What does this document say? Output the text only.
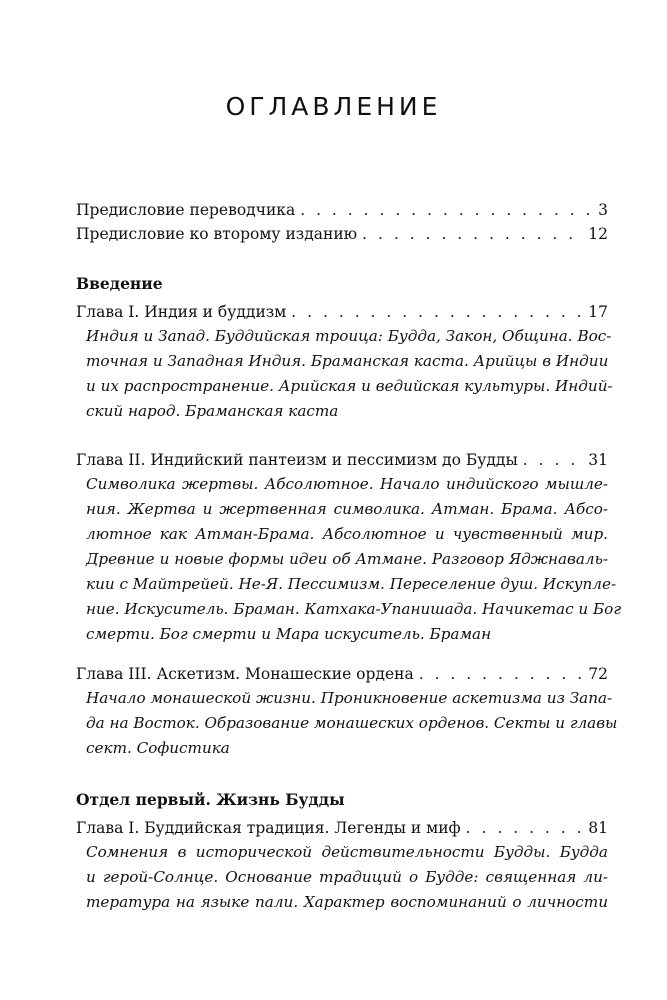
ОГЛАВЛЕНИЕ
Предисловие переводчика . . .	3
Предисловие ко второму изданию . . .	12
Введение
Глава I. Индия и буддизм . . .	17
Индия и Запад. Буддийская троица: Будда, Закон, Община. Вос-
точная и Западная Индия. Браманская каста. Арийцы в Индии
и их распространение. Арийская и ведийская культуры. Индий-
ский народ. Браманская каста
Глава II. Индийский пантеизм и пессимизм до Будды . . .	31
Символика жертвы. Абсолютное. Начало индийского мышле-
ния. Жертва и жертвенная символика. Атман. Брама. Абсо-
лютное как Атман-Брама. Абсолютное и чувственный мир.
Древние и новые формы идеи об Атмане. Разговор Яджнаваль-
кии с Майтрейей. Не-Я. Пессимизм. Переселение душ. Искупле-
ние. Искуситель. Браман. Катхака-Упанишада. Начикетас и Бог
смерти. Бог смерти и Мара искуситель. Браман
Глава III. Аскетизм. Монашеские ордена . . .	72
Начало монашеской жизни. Проникновение аскетизма из Запа-
да на Восток. Образование монашеских орденов. Секты и главы
сект. Софистика
Отдел первый. Жизнь Будды
Глава I. Буддийская традиция. Легенды и миф . . .	81
Сомнения в исторической действительности Будды. Будда
и герой-Солнце. Основание традиций о Будде: священная ли-
тература на языке пали. Характер воспоминаний о личности
